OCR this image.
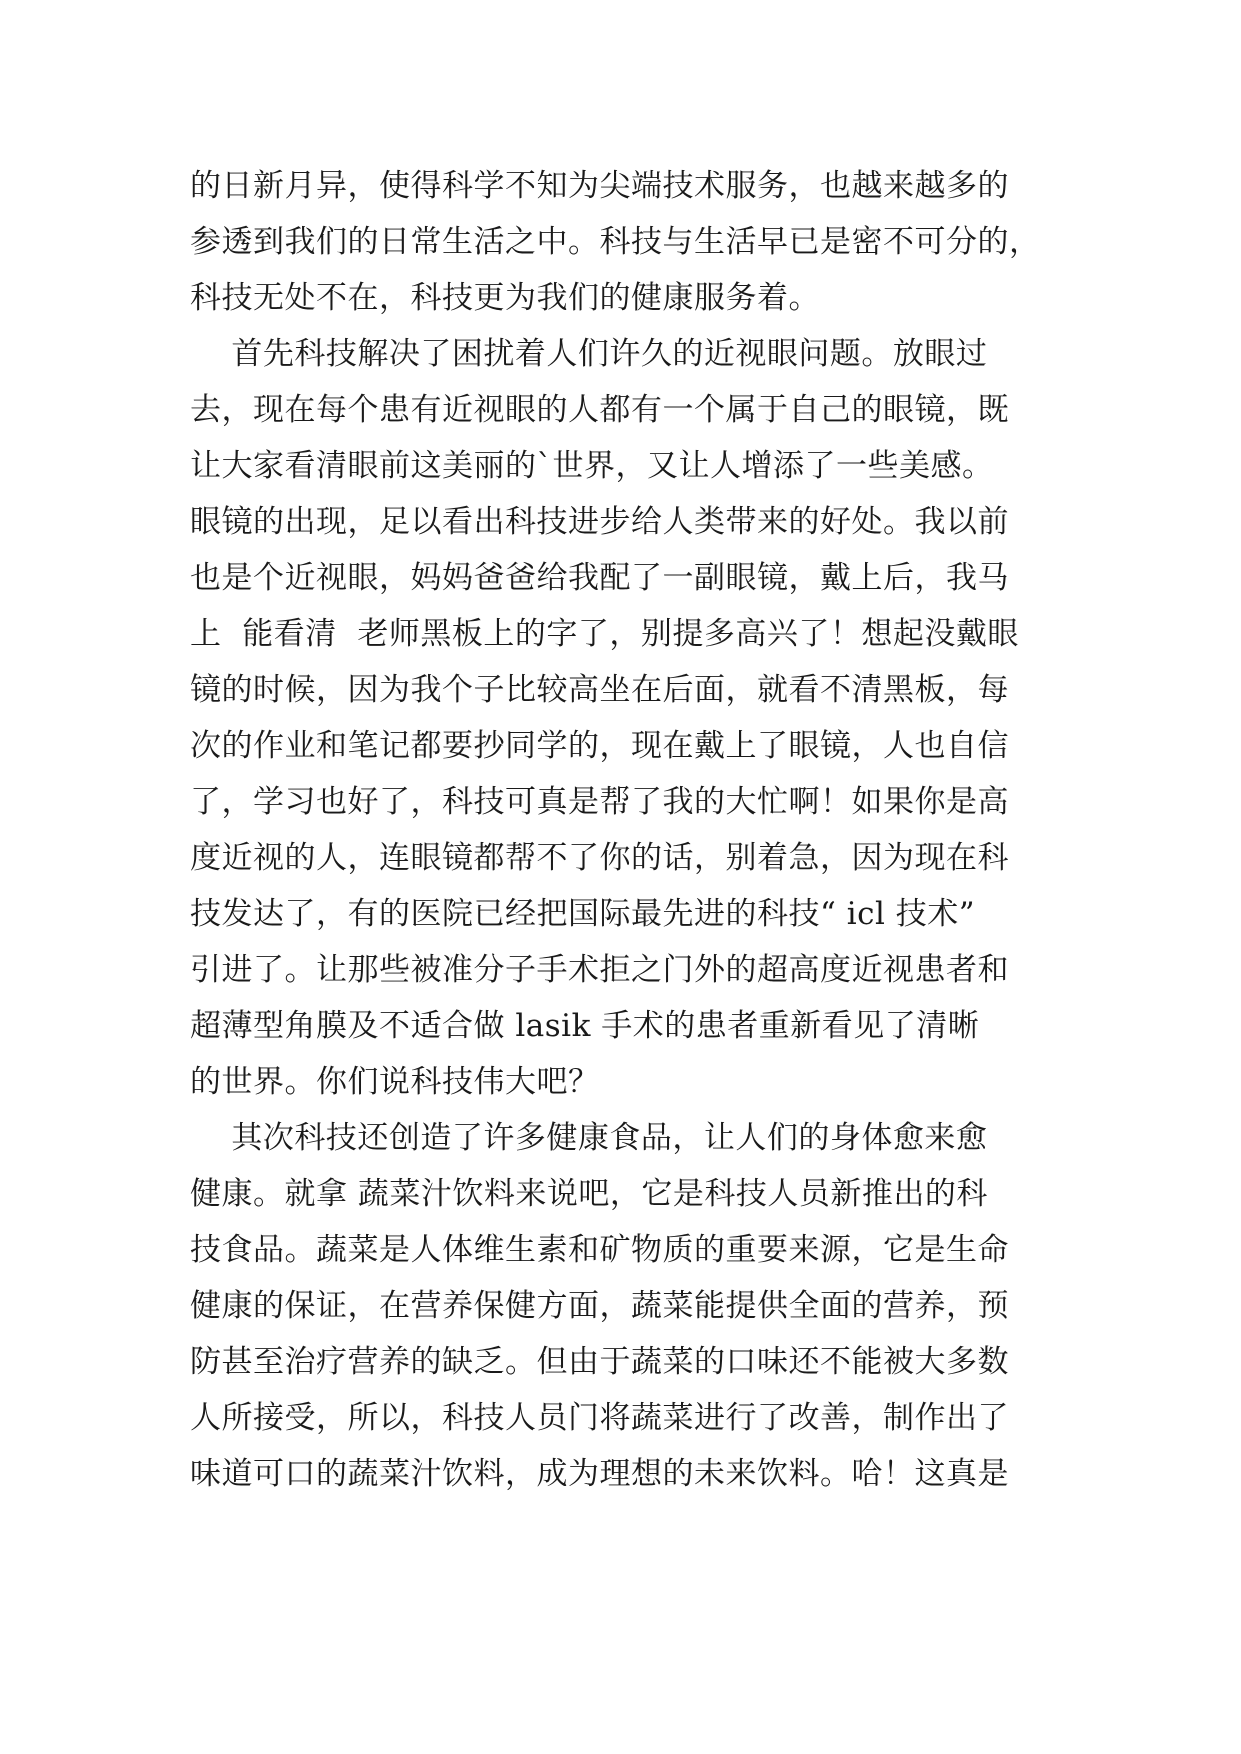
的日新月异，使得科学不知为尖端技术服务，也越来越多的
参透到我们的日常生活之中。科技与生活早已是密不可分的，
科技无处不在，科技更为我们的健康服务着。
首先科技解决了困扰着人们许久的近视眼问题。放眼过
去，现在每个患有近视眼的人都有一个属于自己的眼镜，既
让大家看清眼前这美丽的`世界，又让人增添了一些美感。
眼镜的出现，足以看出科技进步给人类带来的好处。我以前
也是个近视眼，妈妈爸爸给我配了一副眼镜，戴上后，我马
上  能看清  老师黑板上的字了，别提多高兴了！想起没戴眼
镜的时候，因为我个子比较高坐在后面，就看不清黑板，每
次的作业和笔记都要抄同学的，现在戴上了眼镜，人也自信
了，学习也好了，科技可真是帮了我的大忙啊！如果你是高
度近视的人，连眼镜都帮不了你的话，别着急，因为现在科
技发达了，有的医院已经把国际最先进的科技“ icl 技术”
引进了。让那些被准分子手术拒之门外的超高度近视患者和
超薄型角膜及不适合做 lasik 手术的患者重新看见了清晰
的世界。你们说科技伟大吧？
其次科技还创造了许多健康食品，让人们的身体愈来愈
健康。就拿 蔬菜汁饮料来说吧，它是科技人员新推出的科
技食品。蔬菜是人体维生素和矿物质的重要来源，它是生命
健康的保证，在营养保健方面，蔬菜能提供全面的营养，预
防甚至治疗营养的缺乏。但由于蔬菜的口味还不能被大多数
人所接受，所以，科技人员门将蔬菜进行了改善，制作出了
味道可口的蔬菜汁饮料，成为理想的未来饮料。哈！这真是
